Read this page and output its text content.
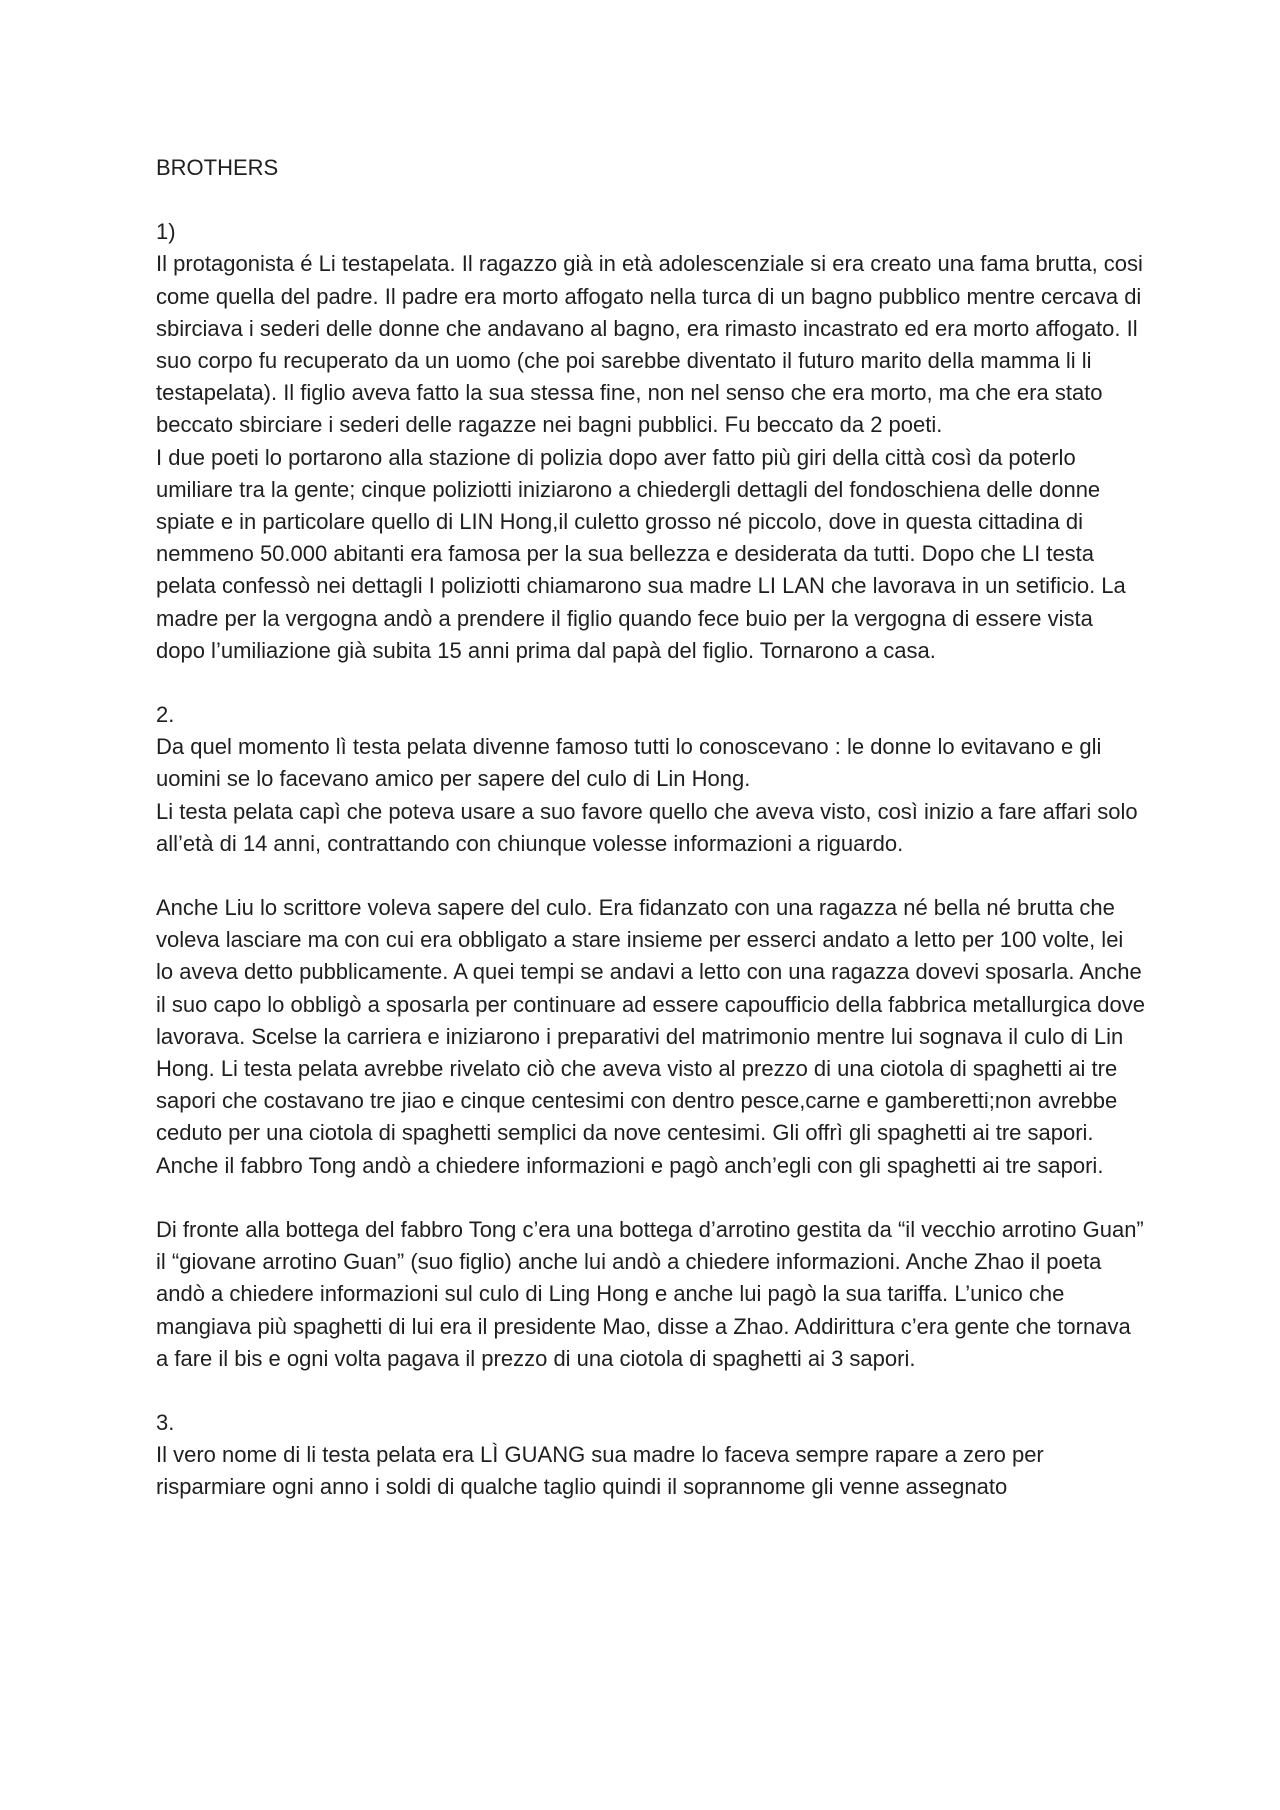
BROTHERS

1)

Il protagonista é Li testapelata. Il ragazzo già in età adolescenziale si era creato una fama brutta, cosi come quella del padre. Il padre era morto affogato nella turca di un bagno pubblico mentre cercava di sbirciava i sederi delle donne che andavano al bagno, era rimasto incastrato ed era morto affogato. Il suo corpo fu recuperato da un uomo (che poi sarebbe diventato il futuro marito della mamma li li testapelata). Il figlio aveva fatto la sua stessa fine, non nel senso che era morto, ma che era stato beccato sbirciare i sederi delle ragazze nei bagni pubblici. Fu beccato da 2 poeti.

I due poeti lo portarono alla stazione di polizia dopo aver fatto più giri della città così da poterlo umiliare tra la gente; cinque poliziotti iniziarono a chiedergli dettagli del fondoschiena delle donne spiate e in particolare quello di LIN Hong,il culetto grosso né piccolo, dove in questa cittadina di nemmeno 50.000 abitanti era famosa per la sua bellezza e desiderata da tutti. Dopo che LI testa pelata confessò nei dettagli I poliziotti chiamarono sua madre LI LAN che lavorava in un setificio. La madre per la vergogna andò a prendere il figlio quando fece buio per la vergogna di essere vista dopo l’umiliazione già subita 15 anni prima dal papà del figlio. Tornarono a casa.

2.

Da quel momento lì testa pelata divenne famoso tutti lo conoscevano : le donne lo evitavano e gli uomini se lo facevano amico per sapere del culo di Lin Hong.

Li testa pelata capì che poteva usare a suo favore quello che aveva visto, così inizio a fare affari solo all’età di 14 anni, contrattando con chiunque volesse informazioni a riguardo.

Anche Liu lo scrittore voleva sapere del culo. Era fidanzato con una ragazza né bella né brutta che voleva lasciare ma con cui era obbligato a stare insieme per esserci andato a letto per 100 volte, lei lo aveva detto pubblicamente. A quei tempi se andavi a letto con una ragazza dovevi sposarla. Anche il suo capo lo obbligò a sposarla per continuare ad essere capoufficio della fabbrica metallurgica dove lavorava. Scelse la carriera e iniziarono i preparativi del matrimonio mentre lui sognava il culo di Lin Hong. Li testa pelata avrebbe rivelato ciò che aveva visto al prezzo di una ciotola di spaghetti ai tre sapori che costavano tre jiao e cinque centesimi con dentro pesce,carne e gamberetti;non avrebbe ceduto per una ciotola di spaghetti semplici da nove centesimi. Gli offrì gli spaghetti ai tre sapori. Anche il fabbro Tong andò a chiedere informazioni e pagò anch’egli con gli spaghetti ai tre sapori.

Di fronte alla bottega del fabbro Tong c’era una bottega d’arrotino gestita da “il vecchio arrotino Guan” il “giovane arrotino Guan” (suo figlio) anche lui andò a chiedere informazioni. Anche Zhao il poeta andò a chiedere informazioni sul culo di Ling Hong e anche lui pagò la sua tariffa. L’unico che mangiava più spaghetti di lui era il presidente Mao, disse a Zhao. Addirittura c’era gente che tornava a fare il bis e ogni volta pagava il prezzo di una ciotola di spaghetti ai 3 sapori.

3.

Il vero nome di li testa pelata era LÌ GUANG sua madre lo faceva sempre rapare a zero per risparmiare ogni anno i soldi di qualche taglio quindi il soprannome gli venne assegnato
